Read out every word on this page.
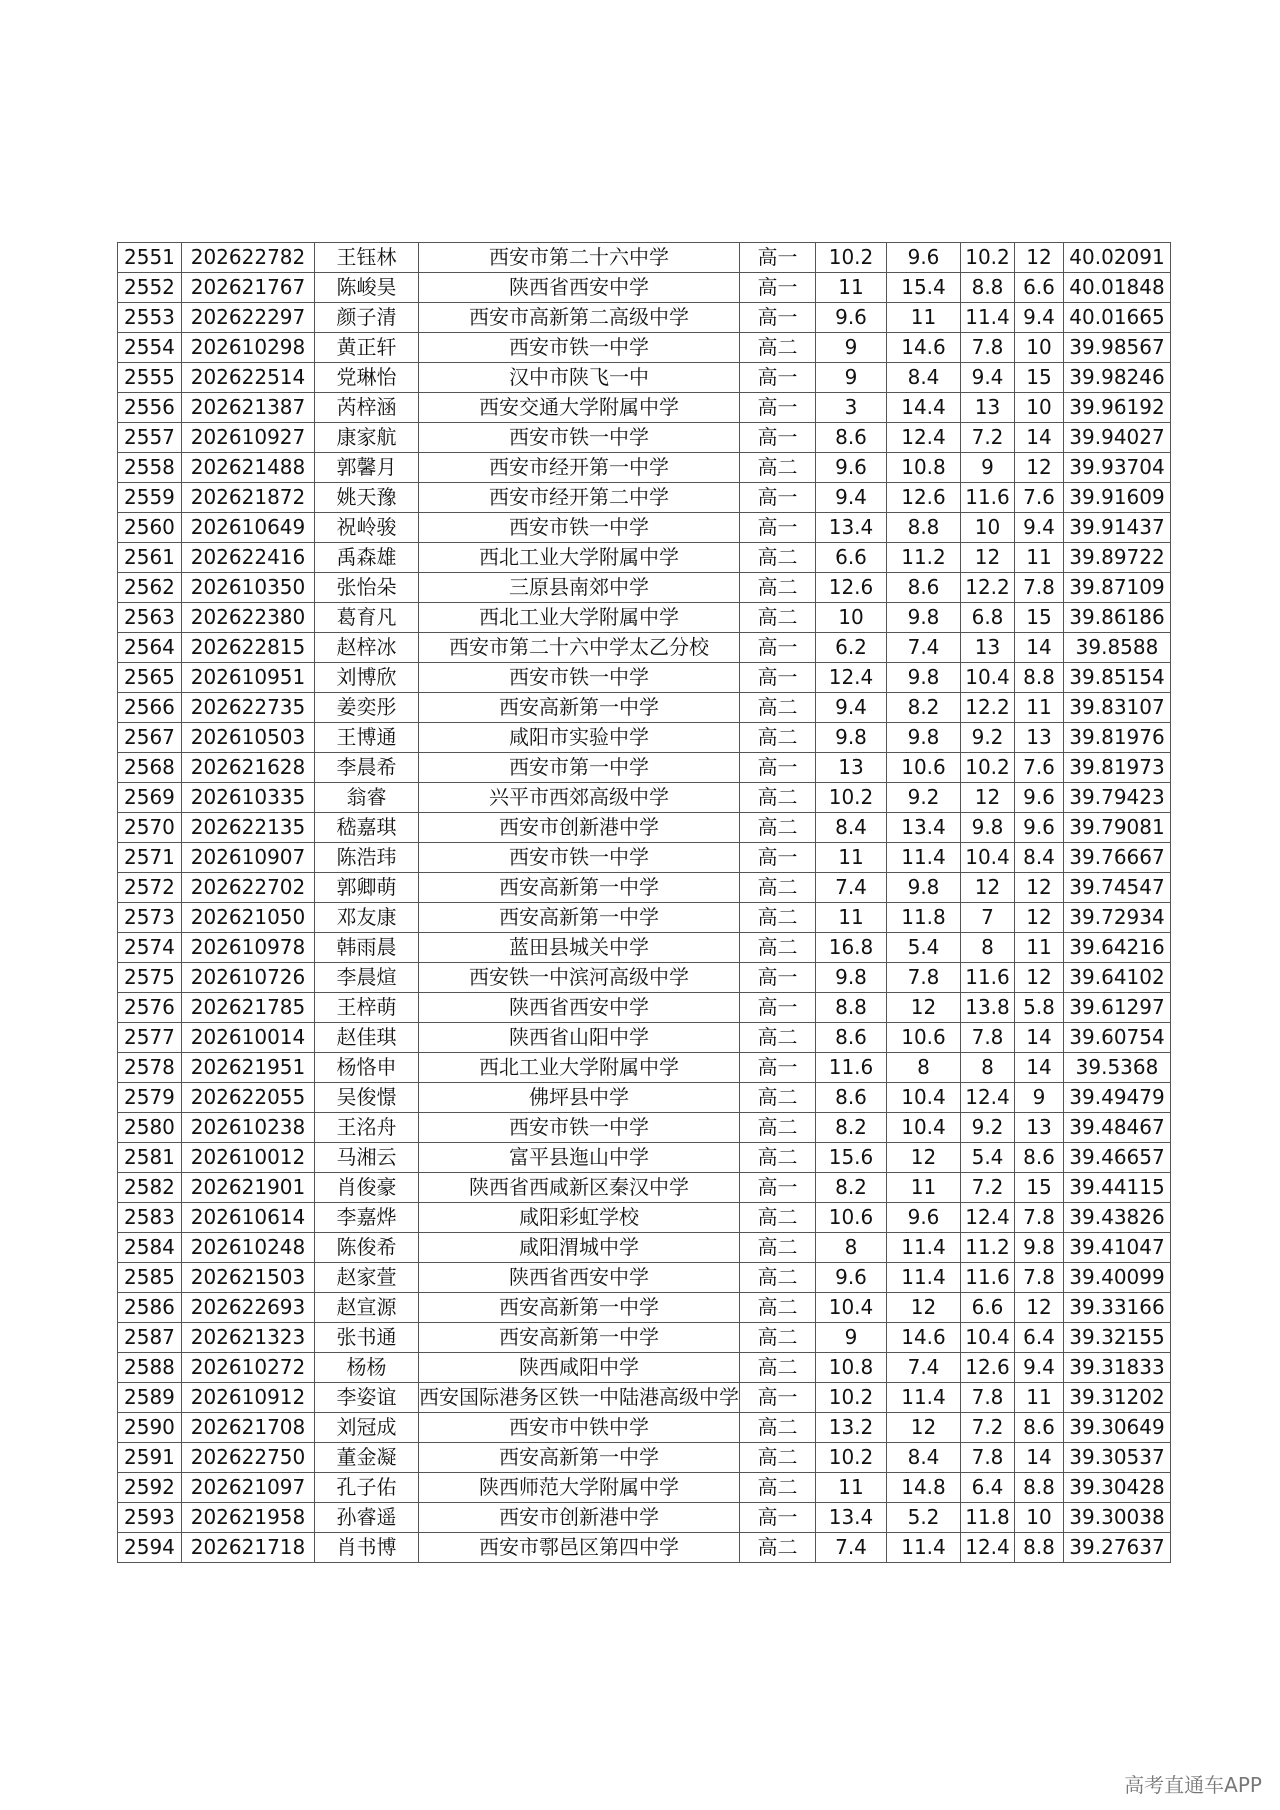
2551	202622782	王钰林	西安市第二十六中学	高一	10.2	9.6	10.2	12	40.02091
2552	202621767	陈峻昊	陕西省西安中学	高一	11	15.4	8.8	6.6	40.01848
2553	202622297	颜子清	西安市高新第二高级中学	高一	9.6	11	11.4	9.4	40.01665
2554	202610298	黄正轩	西安市铁一中学	高二	9	14.6	7.8	10	39.98567
2555	202622514	党琳怡	汉中市陕飞一中	高一	9	8.4	9.4	15	39.98246
2556	202621387	芮梓涵	西安交通大学附属中学	高一	3	14.4	13	10	39.96192
2557	202610927	康家航	西安市铁一中学	高一	8.6	12.4	7.2	14	39.94027
2558	202621488	郭馨月	西安市经开第一中学	高二	9.6	10.8	9	12	39.93704
2559	202621872	姚天豫	西安市经开第二中学	高一	9.4	12.6	11.6	7.6	39.91609
2560	202610649	祝岭骏	西安市铁一中学	高一	13.4	8.8	10	9.4	39.91437
2561	202622416	禹森雄	西北工业大学附属中学	高二	6.6	11.2	12	11	39.89722
2562	202610350	张怡朵	三原县南郊中学	高二	12.6	8.6	12.2	7.8	39.87109
2563	202622380	葛育凡	西北工业大学附属中学	高二	10	9.8	6.8	15	39.86186
2564	202622815	赵梓冰	西安市第二十六中学太乙分校	高一	6.2	7.4	13	14	39.8588
2565	202610951	刘博欣	西安市铁一中学	高一	12.4	9.8	10.4	8.8	39.85154
2566	202622735	姜奕彤	西安高新第一中学	高二	9.4	8.2	12.2	11	39.83107
2567	202610503	王博通	咸阳市实验中学	高二	9.8	9.8	9.2	13	39.81976
2568	202621628	李晨希	西安市第一中学	高一	13	10.6	10.2	7.6	39.81973
2569	202610335	翁睿	兴平市西郊高级中学	高二	10.2	9.2	12	9.6	39.79423
2570	202622135	嵇嘉琪	西安市创新港中学	高二	8.4	13.4	9.8	9.6	39.79081
2571	202610907	陈浩玮	西安市铁一中学	高一	11	11.4	10.4	8.4	39.76667
2572	202622702	郭卿萌	西安高新第一中学	高二	7.4	9.8	12	12	39.74547
2573	202621050	邓友康	西安高新第一中学	高二	11	11.8	7	12	39.72934
2574	202610978	韩雨晨	蓝田县城关中学	高二	16.8	5.4	8	11	39.64216
2575	202610726	李晨煊	西安铁一中滨河高级中学	高一	9.8	7.8	11.6	12	39.64102
2576	202621785	王梓萌	陕西省西安中学	高一	8.8	12	13.8	5.8	39.61297
2577	202610014	赵佳琪	陕西省山阳中学	高二	8.6	10.6	7.8	14	39.60754
2578	202621951	杨恪申	西北工业大学附属中学	高一	11.6	8	8	14	39.5368
2579	202622055	吴俊憬	佛坪县中学	高二	8.6	10.4	12.4	9	39.49479
2580	202610238	王洺舟	西安市铁一中学	高二	8.2	10.4	9.2	13	39.48467
2581	202610012	马湘云	富平县迤山中学	高二	15.6	12	5.4	8.6	39.46657
2582	202621901	肖俊豪	陕西省西咸新区秦汉中学	高一	8.2	11	7.2	15	39.44115
2583	202610614	李嘉烨	咸阳彩虹学校	高二	10.6	9.6	12.4	7.8	39.43826
2584	202610248	陈俊希	咸阳渭城中学	高二	8	11.4	11.2	9.8	39.41047
2585	202621503	赵家萱	陕西省西安中学	高二	9.6	11.4	11.6	7.8	39.40099
2586	202622693	赵宣源	西安高新第一中学	高二	10.4	12	6.6	12	39.33166
2587	202621323	张书通	西安高新第一中学	高二	9	14.6	10.4	6.4	39.32155
2588	202610272	杨杨	陕西咸阳中学	高二	10.8	7.4	12.6	9.4	39.31833
2589	202610912	李姿谊	西安国际港务区铁一中陆港高级中学	高一	10.2	11.4	7.8	11	39.31202
2590	202621708	刘冠成	西安市中铁中学	高二	13.2	12	7.2	8.6	39.30649
2591	202622750	董金凝	西安高新第一中学	高二	10.2	8.4	7.8	14	39.30537
2592	202621097	孔子佑	陕西师范大学附属中学	高二	11	14.8	6.4	8.8	39.30428
2593	202621958	孙睿遥	西安市创新港中学	高一	13.4	5.2	11.8	10	39.30038
2594	202621718	肖书博	西安市鄠邑区第四中学	高二	7.4	11.4	12.4	8.8	39.27637
高考直通车APP
